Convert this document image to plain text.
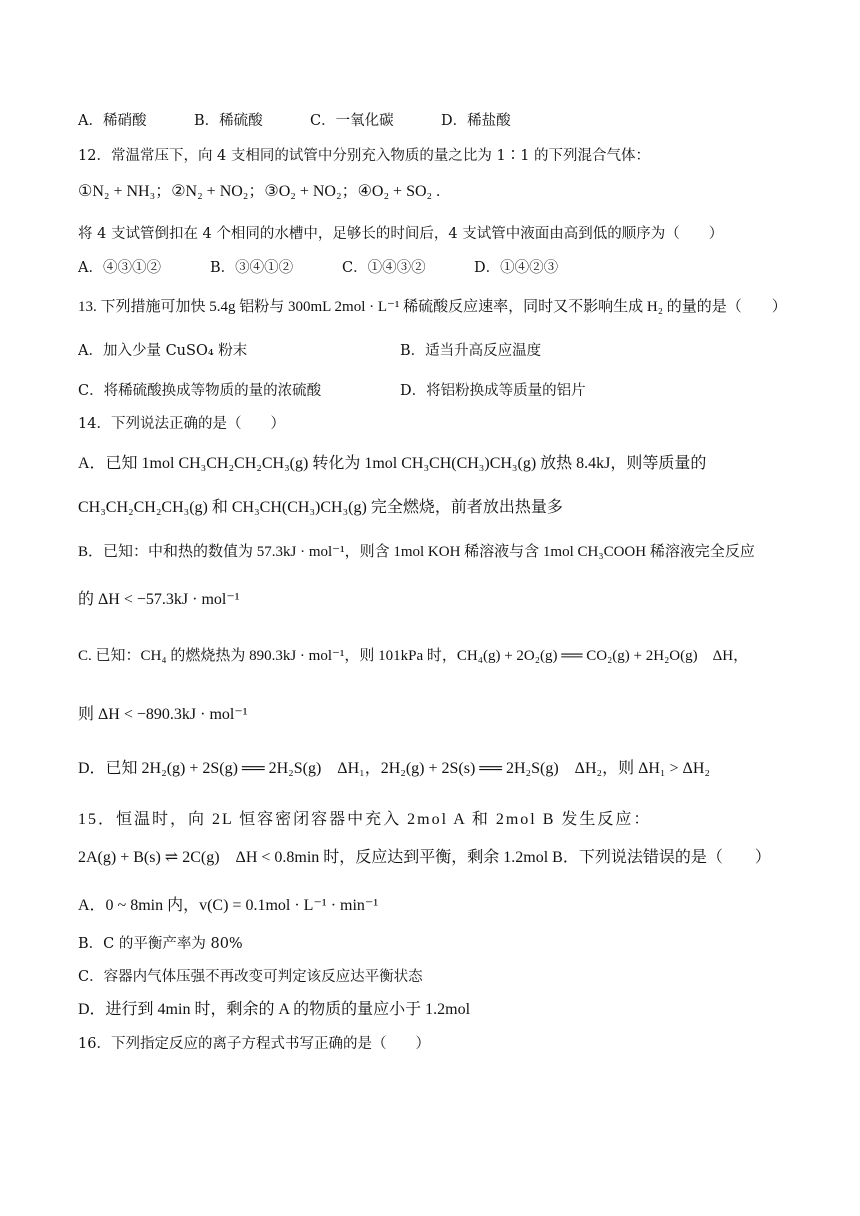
A．稀硝酸	B．稀硫酸	C．一氧化碳	D．稀盐酸
12．常温常压下，向 4 支相同的试管中分别充入物质的量之比为 1∶1 的下列混合气体：
①N₂ + NH₃；②N₂ + NO₂；③O₂ + NO₂；④O₂ + SO₂ .
将 4 支试管倒扣在 4 个相同的水槽中，足够长的时间后，4 支试管中液面由高到低的顺序为（　　）
A．④③①②	B．③④①②	C．①④③②	D．①④②③
13. 下列措施可加快 5.4g 铝粉与 300mL 2mol · L⁻¹ 稀硫酸反应速率，同时又不影响生成 H₂ 的量的是（　　）
A．加入少量 CuSO₄ 粉末	B．适当升高反应温度
C．将稀硫酸换成等物质的量的浓硫酸	D．将铝粉换成等质量的铝片
14．下列说法正确的是（　　）
A．已知 1mol CH₃CH₂CH₂CH₃(g) 转化为 1mol CH₃CH(CH₃)CH₃(g) 放热 8.4kJ，则等质量的
CH₃CH₂CH₂CH₃(g) 和 CH₃CH(CH₃)CH₃(g) 完全燃烧，前者放出热量多
B．已知：中和热的数值为 57.3kJ · mol⁻¹，则含 1mol KOH 稀溶液与含 1mol CH₃COOH 稀溶液完全反应
的 ΔH < −57.3kJ · mol⁻¹
C. 已知：CH₄ 的燃烧热为 890.3kJ · mol⁻¹，则 101kPa 时，CH₄(g) + 2O₂(g) ══ CO₂(g) + 2H₂O(g)　ΔH，
则 ΔH < −890.3kJ · mol⁻¹
D．已知 2H₂(g) + 2S(g) ══ 2H₂S(g)　ΔH₁，2H₂(g) + 2S(s) ══ 2H₂S(g)　ΔH₂，则 ΔH₁ > ΔH₂
15．恒温时，向 2L 恒容密闭容器中充入 2mol A 和 2mol B 发生反应：
2A(g) + B(s) ⇌ 2C(g)　ΔH < 0.8min 时，反应达到平衡，剩余 1.2mol B．下列说法错误的是（　　）
A．0 ~ 8min 内，v(C) = 0.1mol · L⁻¹ · min⁻¹
B．C 的平衡产率为 80%
C．容器内气体压强不再改变可判定该反应达平衡状态
D．进行到 4min 时，剩余的 A 的物质的量应小于 1.2mol
16．下列指定反应的离子方程式书写正确的是（　　）
